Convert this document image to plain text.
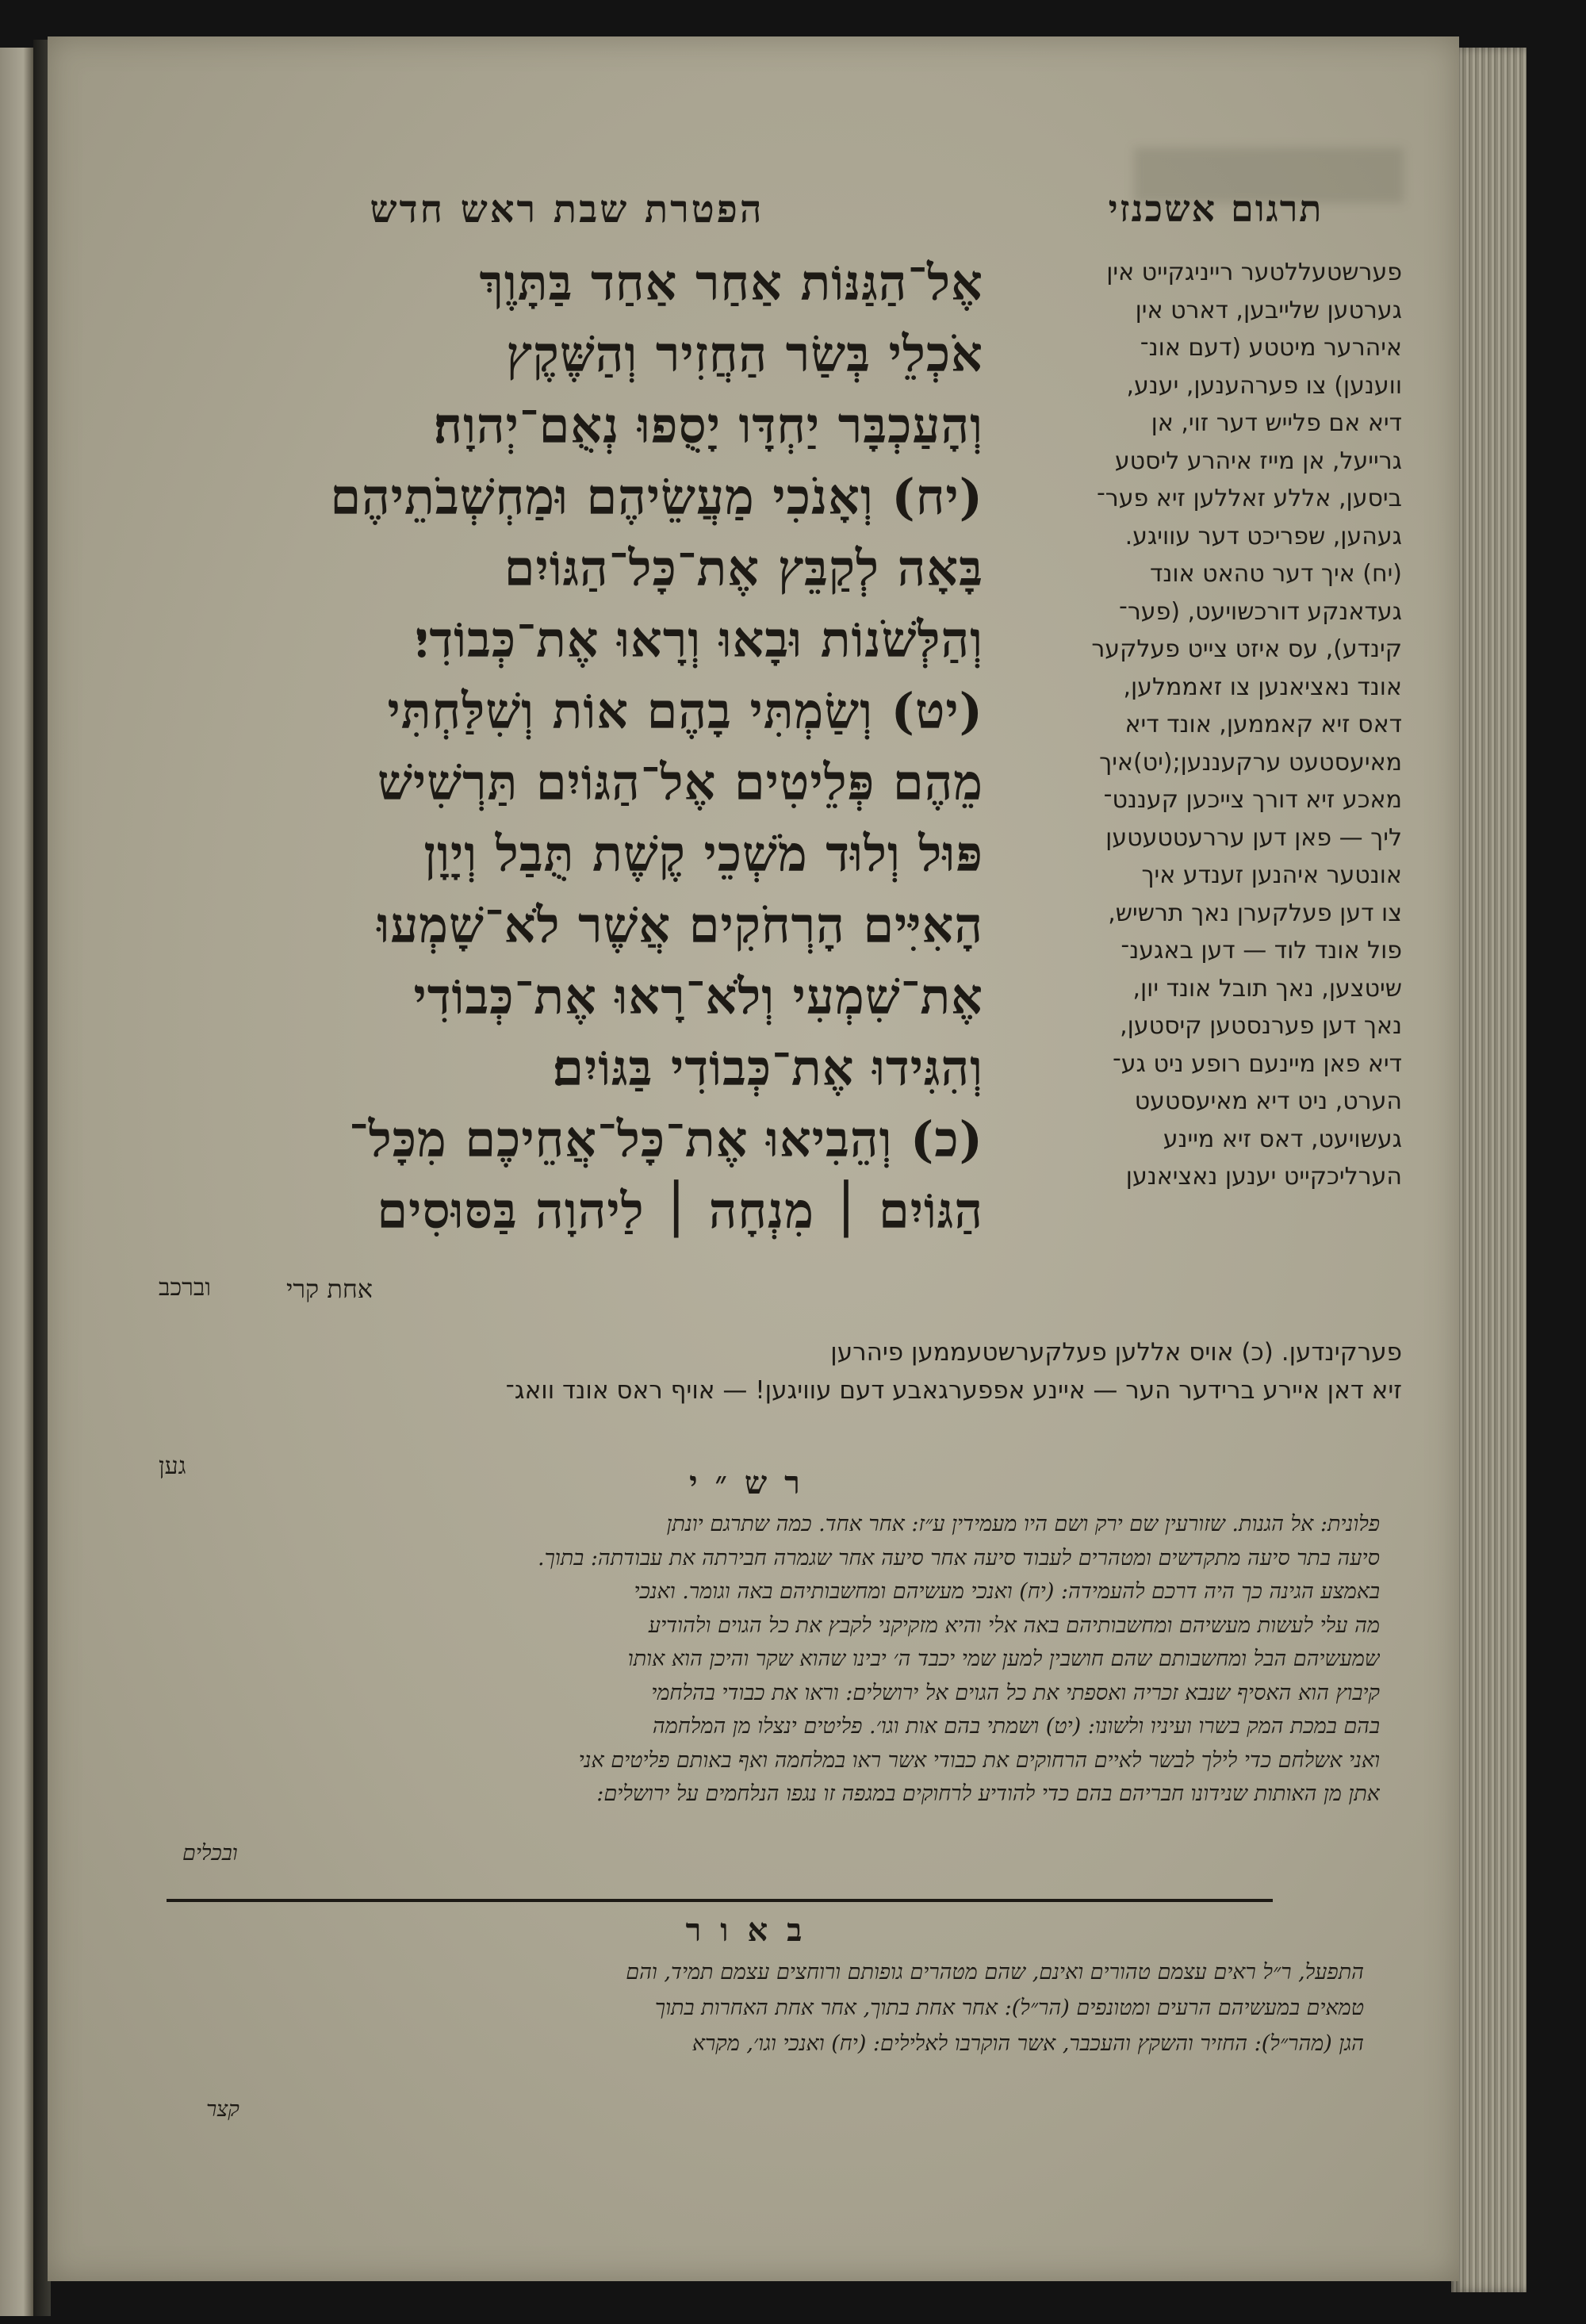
תרגום אשכנזי
פערשטעללטער רייניגקייט אין
גערטען שלייבען, דארט אין
איהרער מיטטע (דעם אונ־
ווענען) צו פערהענען, יענע,
דיא אם פלייש דער זוי, אן
גרייעל, אן מייז איהרע ליסטע
ביסען, אללע זאללען זיא פער־
געהען, שפריכט דער עוויגע.
(יח) איך דער טהאט אונד
געדאנקע דורכשויעט, (פער־
קינדע), עס איזט צייט פעלקער
אונד נאציאנען צו זאממלען,
דאס זיא קאממען, אונד דיא
מאיעסטעט ערקעננען;(יט)איך
מאכע זיא דורך צייכען קעננט־
ליך — פאן דען עררעטטעטען
אונטער איהנען זענדע איך
צו דען פעלקערן נאך תרשיש,
פול אונד לוד — דען באגענ־
שיטצען, נאך תובל אונד יון,
נאך דען פערנסטען קיסטען,
דיא פאן מיינעם רופע ניט גע־
הערט, ניט דיא מאיעסטעט
געשויעט, דאס זיא מיינע
הערליכקייט יענען נאציאנען
הפטרת שבת ראש חדש
אֶל־הַגַּנּוֹת אַחַר אַחַד בַּתָּוֶךְ
אֹכְלֵי בְּשַׂר הַחֲזִיר וְהַשֶּׁקֶץ
וְהָעַכְבָּר יַחְדָּו יָסֻפוּ נְאֻם־יְהוָה׃
(יח) וְאָנֹכִי מַעֲשֵׂיהֶם וּמַחְשְׁבֹתֵיהֶם
בָּאָה לְקַבֵּץ אֶת־כָּל־הַגּוֹיִם
וְהַלְּשֹׁנוֹת וּבָאוּ וְרָאוּ אֶת־כְּבוֹדִי׃
(יט) וְשַׂמְתִּי בָהֶם אוֹת וְשִׁלַּחְתִּי
מֵהֶם פְּלֵיטִים אֶל־הַגּוֹיִם תַּרְשִׁישׁ
פּוּל וְלוּד מֹשְׁכֵי קֶשֶׁת תֻּבַל וְיָוָן
הָאִיִּים הָרְחֹקִים אֲשֶׁר לֹא־שָׁמְעוּ
אֶת־שִׁמְעִי וְלֹא־רָאוּ אֶת־כְּבוֹדִי
וְהִגִּידוּ אֶת־כְּבוֹדִי בַּגּוֹיִם׃
(כ) וְהֵבִיאוּ אֶת־כָּל־אֲחֵיכֶם מִכָּל־
הַגּוֹיִם ׀ מִנְחָה ׀ לַיהוָה בַּסּוּסִים
אחת קרי
וברכב
פערקינדען. (כ) אויס אללען פעלקערשטעממען פיהרען
זיא דאן איירע ברידער הער — איינע אפפערגאבע דעם עוויגען! — אויף ראס אונד וואג־
גען	רש״י
פלונית: אל הגנות. שזורעין שם ירק ושם היו מעמידין ע״ז: אחר אחד. כמה שתרגם יונתן
סיעה בתר סיעה מתקדשים ומטהרים לעבוד סיעה אחר סיעה אחר שגמרה חבירתה את עבודתה: בתוך.
באמצע הגינה כך היה דרכם להעמידה: (יח) ואנכי מעשיהם ומחשבותיהם באה וגומר. ואנכי
מה עלי לעשות מעשיהם ומחשבותיהם באה אלי והיא מזקיקני לקבץ את כל הגוים ולהודיע
שמעשיהם הבל ומחשבותם שהם חושבין למען שמי יכבד ה׳ יבינו שהוא שקר והיכן הוא אותו
קיבוץ הוא האסיף שנבא זכריה ואספתי את כל הגוים אל ירושלים: וראו את כבודי בהלחמי
בהם במכת המק בשרו ועיניו ולשונו: (יט) ושמתי בהם אות וגו׳. פליטים ינצלו מן המלחמה
ואני אשלחם כדי לילך לבשר לאיים הרחוקים את כבודי אשר ראו במלחמה ואף באותם פליטים אני
אתן מן האותות שנידונו חבריהם בהם כדי להודיע לרחוקים במגפה זו נגפו הנלחמים על ירושלים:
ובכלים
באור
התפעל, ר״ל ראים עצמם טהורים ואינם, שהם מטהרים גופותם ורוחצים עצמם תמיד, והם
טמאים במעשיהם הרעים ומטונפים (הר״ל): אחר אחת בתוך, אחר אחת האחרות בתוך
הגן (מהר״ל): החזיר והשקץ והעכבר, אשר הוקרבו לאלילים: (יח) ואנכי וגו׳, מקרא
קצר
